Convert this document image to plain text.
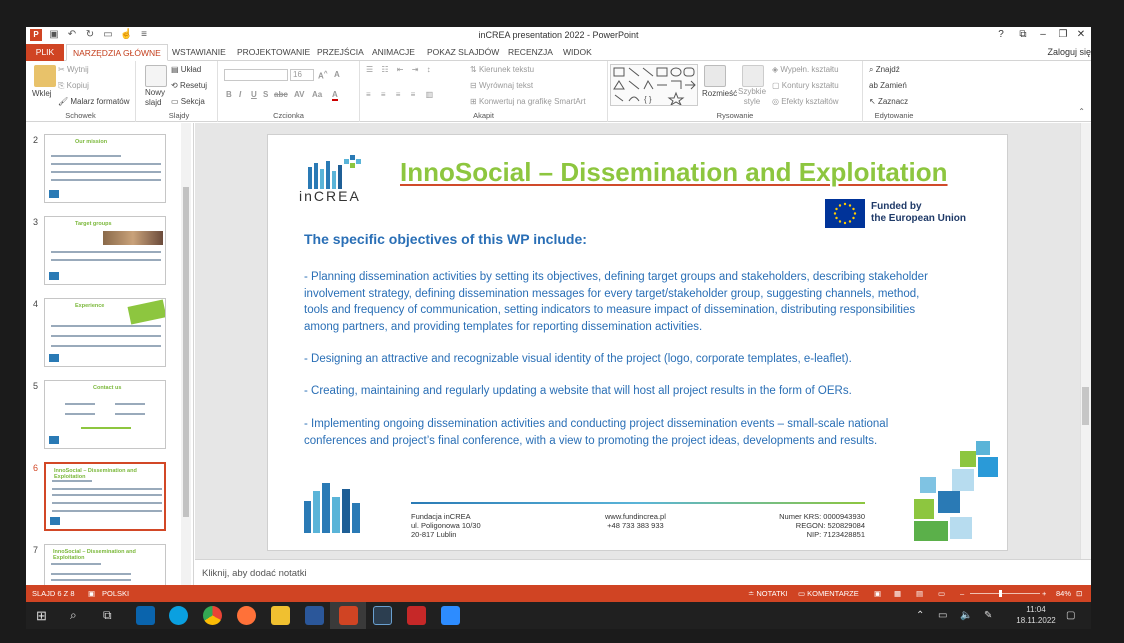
P	▣ ↶ ↻ ▭ ☝ ≡	inCREA presentation 2022 - PowerPoint	?	⧉	–	❐ ✕
PLIK	NARZĘDZIA GŁÓWNE	WSTAWIANIE	PROJEKTOWANIE PRZEJŚCIA ANIMACJE	POKAZ SLAJDÓW	RECENZJA	WIDOK	Zaloguj się
Wklej
✂ Wytnij
⎘ Kopiuj
🖌 Malarz formatów
Schowek
Nowy
slajd
▤ Układ
⟲ Resetuj
▭ Sekcja
Slajdy
16 A^ A
B I U S abc AV Aa A
Czcionka
☰ ☷ ⇤ ⇥ ↕
≡ ≡ ≡ ≡ ▥
⇅ Kierunek tekstu
⊟ Wyrównaj tekst
⊞ Konwertuj na grafikę SmartArt
Akapit
{ }
Rozmieść Szybkie
style
◈ Wypełn. kształtu
▢ Kontury kształtu
◎ Efekty kształtów
Rysowanie
⌕ Znajdź
ab Zamień
↖ Zaznacz
Edytowanie	⌃
2	Our mission
3	Target groups
4	Experience
5	Contact us
6	InnoSocial – Dissemination and Exploitation
7	InnoSocial – Dissemination and Exploitation
inCREA
InnoSocial – Dissemination and Exploitation
Funded by
the European Union
The specific objectives of this WP include:
- Planning dissemination activities by setting its objectives, defining target groups and stakeholders, describing stakeholder involvement strategy, defining dissemination messages for every target/stakeholder group, suggesting channels, method, tools and frequency of communication, setting indicators to measure impact of dissemination, distributing responsibilities among partners, and providing templates for reporting dissemination activities.
- Designing an attractive and recognizable visual identity of the project (logo, corporate templates, e-leaflet).
- Creating, maintaining and regularly updating a website that will host all project results in the form of OERs.
- Implementing ongoing dissemination activities and conducting project dissemination events – small-scale national conferences and project’s final conference, with a view to promoting the project ideas, developments and results.
Fundacja inCREA
ul. Poligonowa 10/30
20-817 Lublin
www.fundincrea.pl
+48 733 383 933
Numer KRS: 0000943930
REGON: 520829084
NIP: 7123428851
Kliknij, aby dodać notatki
SLAJD 6 Z 8 ▣ POLSKI	≐ NOTATKI ▭ KOMENTARZE ▣ ▦ ▤ ▭ –	+ 84% ⊡
⊞ ⌕ ⧉	⌃ ▭ 🔈 ✎
11:04
18.11.2022 ▢
